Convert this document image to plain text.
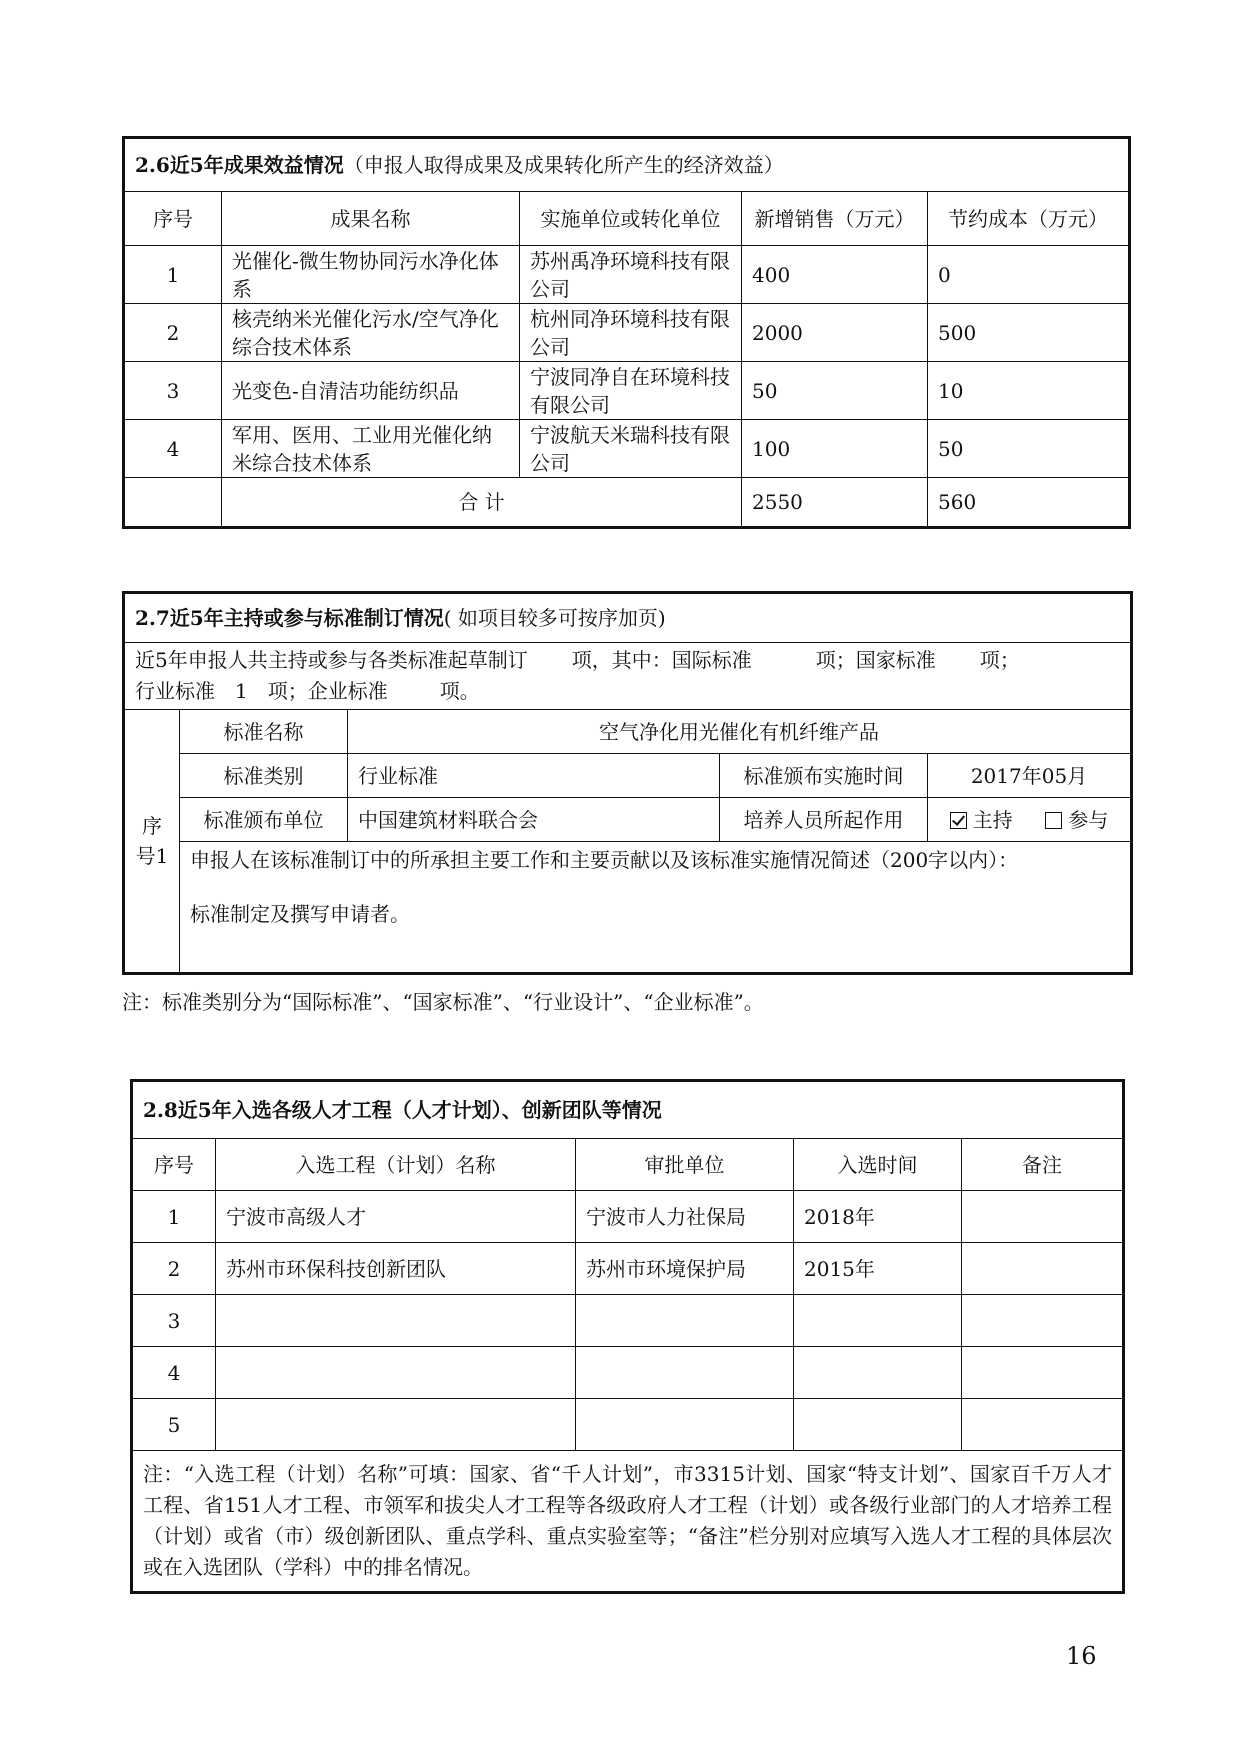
2.6近5年成果效益情况（申报人取得成果及成果转化所产生的经济效益）				
序号	成果名称	实施单位或转化单位	新增销售（万元）	节约成本（万元）
1	光催化-微生物协同污水净化体系	苏州禹净环境科技有限公司	400	0
2	核壳纳米光催化污水/空气净化综合技术体系	杭州同净环境科技有限公司	2000	500
3	光变色-自清洁功能纺织品	宁波同净自在环境科技有限公司	50	10
4	军用、医用、工业用光催化纳米综合技术体系	宁波航天米瑞科技有限公司	100	50
	合 计		2550	560
2.7近5年主持或参与标准制订情况( 如项目较多可按序加页)				
近5年申报人共主持或参与各类标准起草制订 项，其中：国际标准 项；国家标准 项；
行业标准 1 项；企业标准 项。				
序号1	标准名称	空气净化用光催化有机纤维产品		
	标准类别	行业标准	标准颁布实施时间	2017年05月
	标准颁布单位	中国建筑材料联合会	培养人员所起作用	主持 参与

	申报人在该标准制订中的所承担主要工作和主要贡献以及该标准实施情况简述（200字以内）：
标准制定及撰写申请者。			
注：标准类别分为“国际标准”、“国家标准”、“行业设计”、“企业标准”。
2.8近5年入选各级人才工程（人才计划）、创新团队等情况				
序号	入选工程（计划）名称	审批单位	入选时间	备注
1	宁波市高级人才	宁波市人力社保局	2018年	
2	苏州市环保科技创新团队	苏州市环境保护局	2015年	
3				
4				
5				
注：“入选工程（计划）名称”可填：国家、省“千人计划”，市3315计划、国家“特支计划”、国家百千万人才工程、省151人才工程、市领军和拔尖人才工程等各级政府人才工程（计划）或各级行业部门的人才培养工程（计划）或省（市）级创新团队、重点学科、重点实验室等；“备注”栏分别对应填写入选人才工程的具体层次或在入选团队（学科）中的排名情况。				
16
